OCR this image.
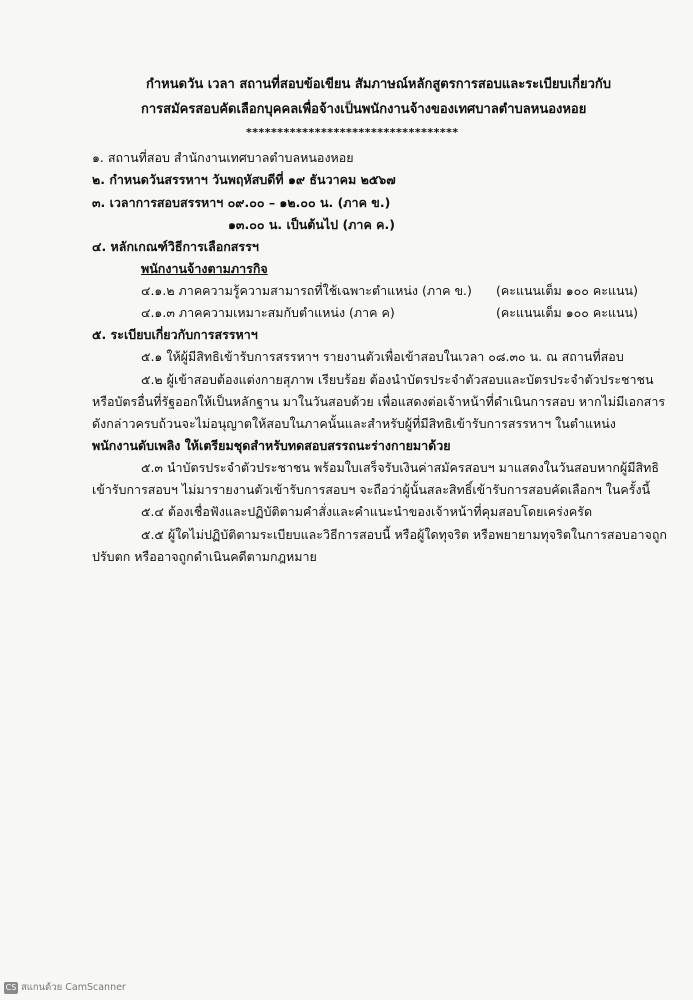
กำหนดวัน เวลา สถานที่สอบข้อเขียน สัมภาษณ์หลักสูตรการสอบและระเบียบเกี่ยวกับ
การสมัครสอบคัดเลือกบุคคลเพื่อจ้างเป็นพนักงานจ้างของเทศบาลตำบลหนองหอย
**********************************
๑. สถานที่สอบ สำนักงานเทศบาลตำบลหนองหอย
๒. กำหนดวันสรรหาฯ วันพฤหัสบดีที่ ๑๙ ธันวาคม ๒๕๖๗
๓. เวลาการสอบสรรหาฯ ๐๙.๐๐ – ๑๒.๐๐ น. (ภาค ข.)
๑๓.๐๐ น. เป็นต้นไป (ภาค ค.)
๔. หลักเกณฑ์วิธีการเลือกสรรฯ
พนักงานจ้างตามภารกิจ
๔.๑.๒ ภาคความรู้ความสามารถที่ใช้เฉพาะตำแหน่ง (ภาค ข.) (คะแนนเต็ม ๑๐๐ คะแนน)
๔.๑.๓ ภาคความเหมาะสมกับตำแหน่ง (ภาค ค)	(คะแนนเต็ม ๑๐๐ คะแนน)
๕. ระเบียบเกี่ยวกับการสรรหาฯ
๕.๑ ให้ผู้มีสิทธิเข้ารับการสรรหาฯ รายงานตัวเพื่อเข้าสอบในเวลา ๐๘.๓๐ น. ณ สถานที่สอบ
๕.๒ ผู้เข้าสอบต้องแต่งกายสุภาพ เรียบร้อย ต้องนำบัตรประจำตัวสอบและบัตรประจำตัวประชาชน
หรือบัตรอื่นที่รัฐออกให้เป็นหลักฐาน มาในวันสอบด้วย เพื่อแสดงต่อเจ้าหน้าที่ดำเนินการสอบ หากไม่มีเอกสาร
ดังกล่าวครบถ้วนจะไม่อนุญาตให้สอบในภาคนั้นและสำหรับผู้ที่มีสิทธิเข้ารับการสรรหาฯ ในตำแหน่ง
พนักงานดับเพลิง ให้เตรียมชุดสำหรับทดสอบสรรถนะร่างกายมาด้วย
๕.๓ นำบัตรประจำตัวประชาชน พร้อมใบเสร็จรับเงินค่าสมัครสอบฯ มาแสดงในวันสอบหากผู้มีสิทธิ
เข้ารับการสอบฯ ไม่มารายงานตัวเข้ารับการสอบฯ จะถือว่าผู้นั้นสละสิทธิ์เข้ารับการสอบคัดเลือกฯ ในครั้งนี้
๕.๔ ต้องเชื่อฟังและปฏิบัติตามคำสั่งและคำแนะนำของเจ้าหน้าที่คุมสอบโดยเคร่งครัด
๕.๕ ผู้ใดไม่ปฏิบัติตามระเบียบและวิธีการสอบนี้ หรือผู้ใดทุจริต หรือพยายามทุจริตในการสอบอาจถูก
ปรับตก หรืออาจถูกดำเนินคดีตามกฎหมาย
CS สแกนด้วย CamScanner
